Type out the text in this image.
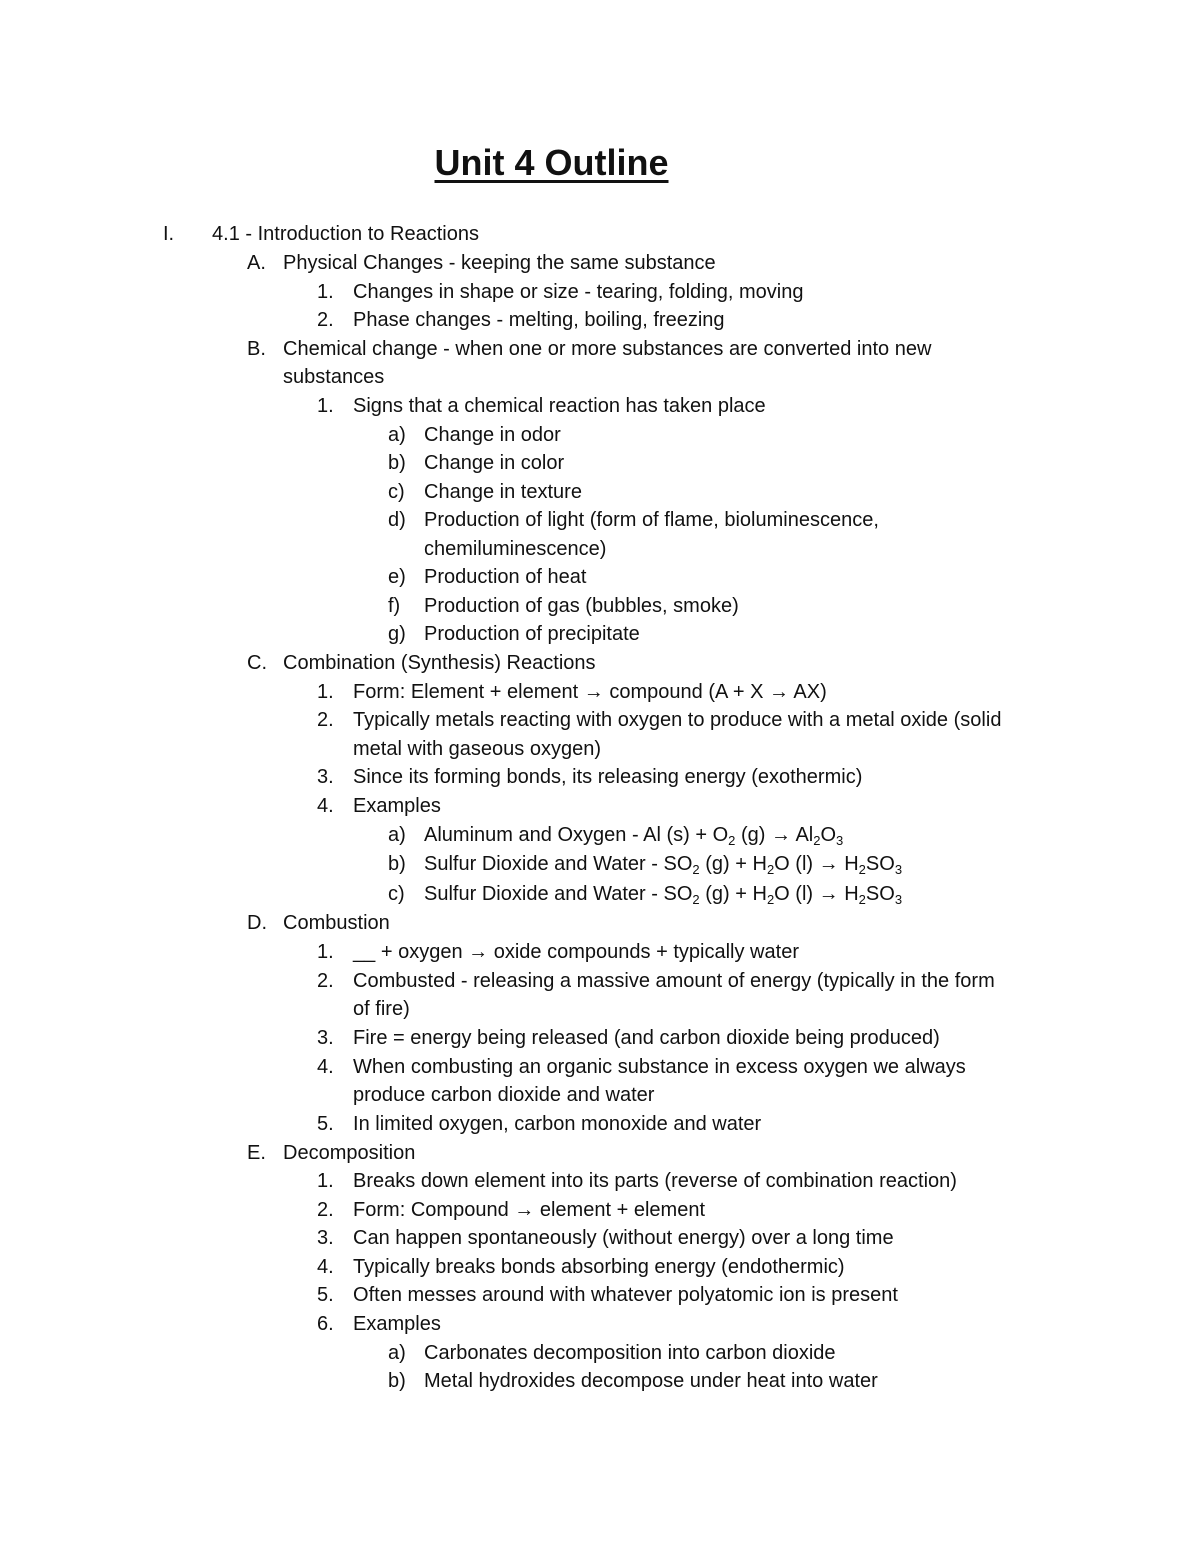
Unit 4 Outline
I. 4.1 - Introduction to Reactions
A. Physical Changes - keeping the same substance
1. Changes in shape or size - tearing, folding, moving
2. Phase changes - melting, boiling, freezing
B. Chemical change - when one or more substances are converted into new
substances
1. Signs that a chemical reaction has taken place
a) Change in odor
b) Change in color
c) Change in texture
d) Production of light (form of flame, bioluminescence,
chemiluminescence)
e) Production of heat
f) Production of gas (bubbles, smoke)
g) Production of precipitate
C. Combination (Synthesis) Reactions
1. Form: Element + element → compound (A + X → AX)
2. Typically metals reacting with oxygen to produce with a metal oxide (solid
metal with gaseous oxygen)
3. Since its forming bonds, its releasing energy (exothermic)
4. Examples
a) Aluminum and Oxygen - Al $(s) + O_2$ $(g) \to Al_2O_3$
b) Sulfur Dioxide and Water - $SO_2$ $(g) + H_2O$ $(l) \to H_2SO_3$
c) Sulfur Dioxide and Water - $SO_2$ $(g) + H_2O$ $(l) \to H_2SO_3$
D. Combustion
1. __ + oxygen → oxide compounds + typically water
2. Combusted - releasing a massive amount of energy (typically in the form
of fire)
3. Fire = energy being released (and carbon dioxide being produced)
4. When combusting an organic substance in excess oxygen we always
produce carbon dioxide and water
5. In limited oxygen, carbon monoxide and water
E. Decomposition
1. Breaks down element into its parts (reverse of combination reaction)
2. Form: Compound → element + element
3. Can happen spontaneously (without energy) over a long time
4. Typically breaks bonds absorbing energy (endothermic)
5. Often messes around with whatever polyatomic ion is present
6. Examples
a) Carbonates decomposition into carbon dioxide
b) Metal hydroxides decompose under heat into water
